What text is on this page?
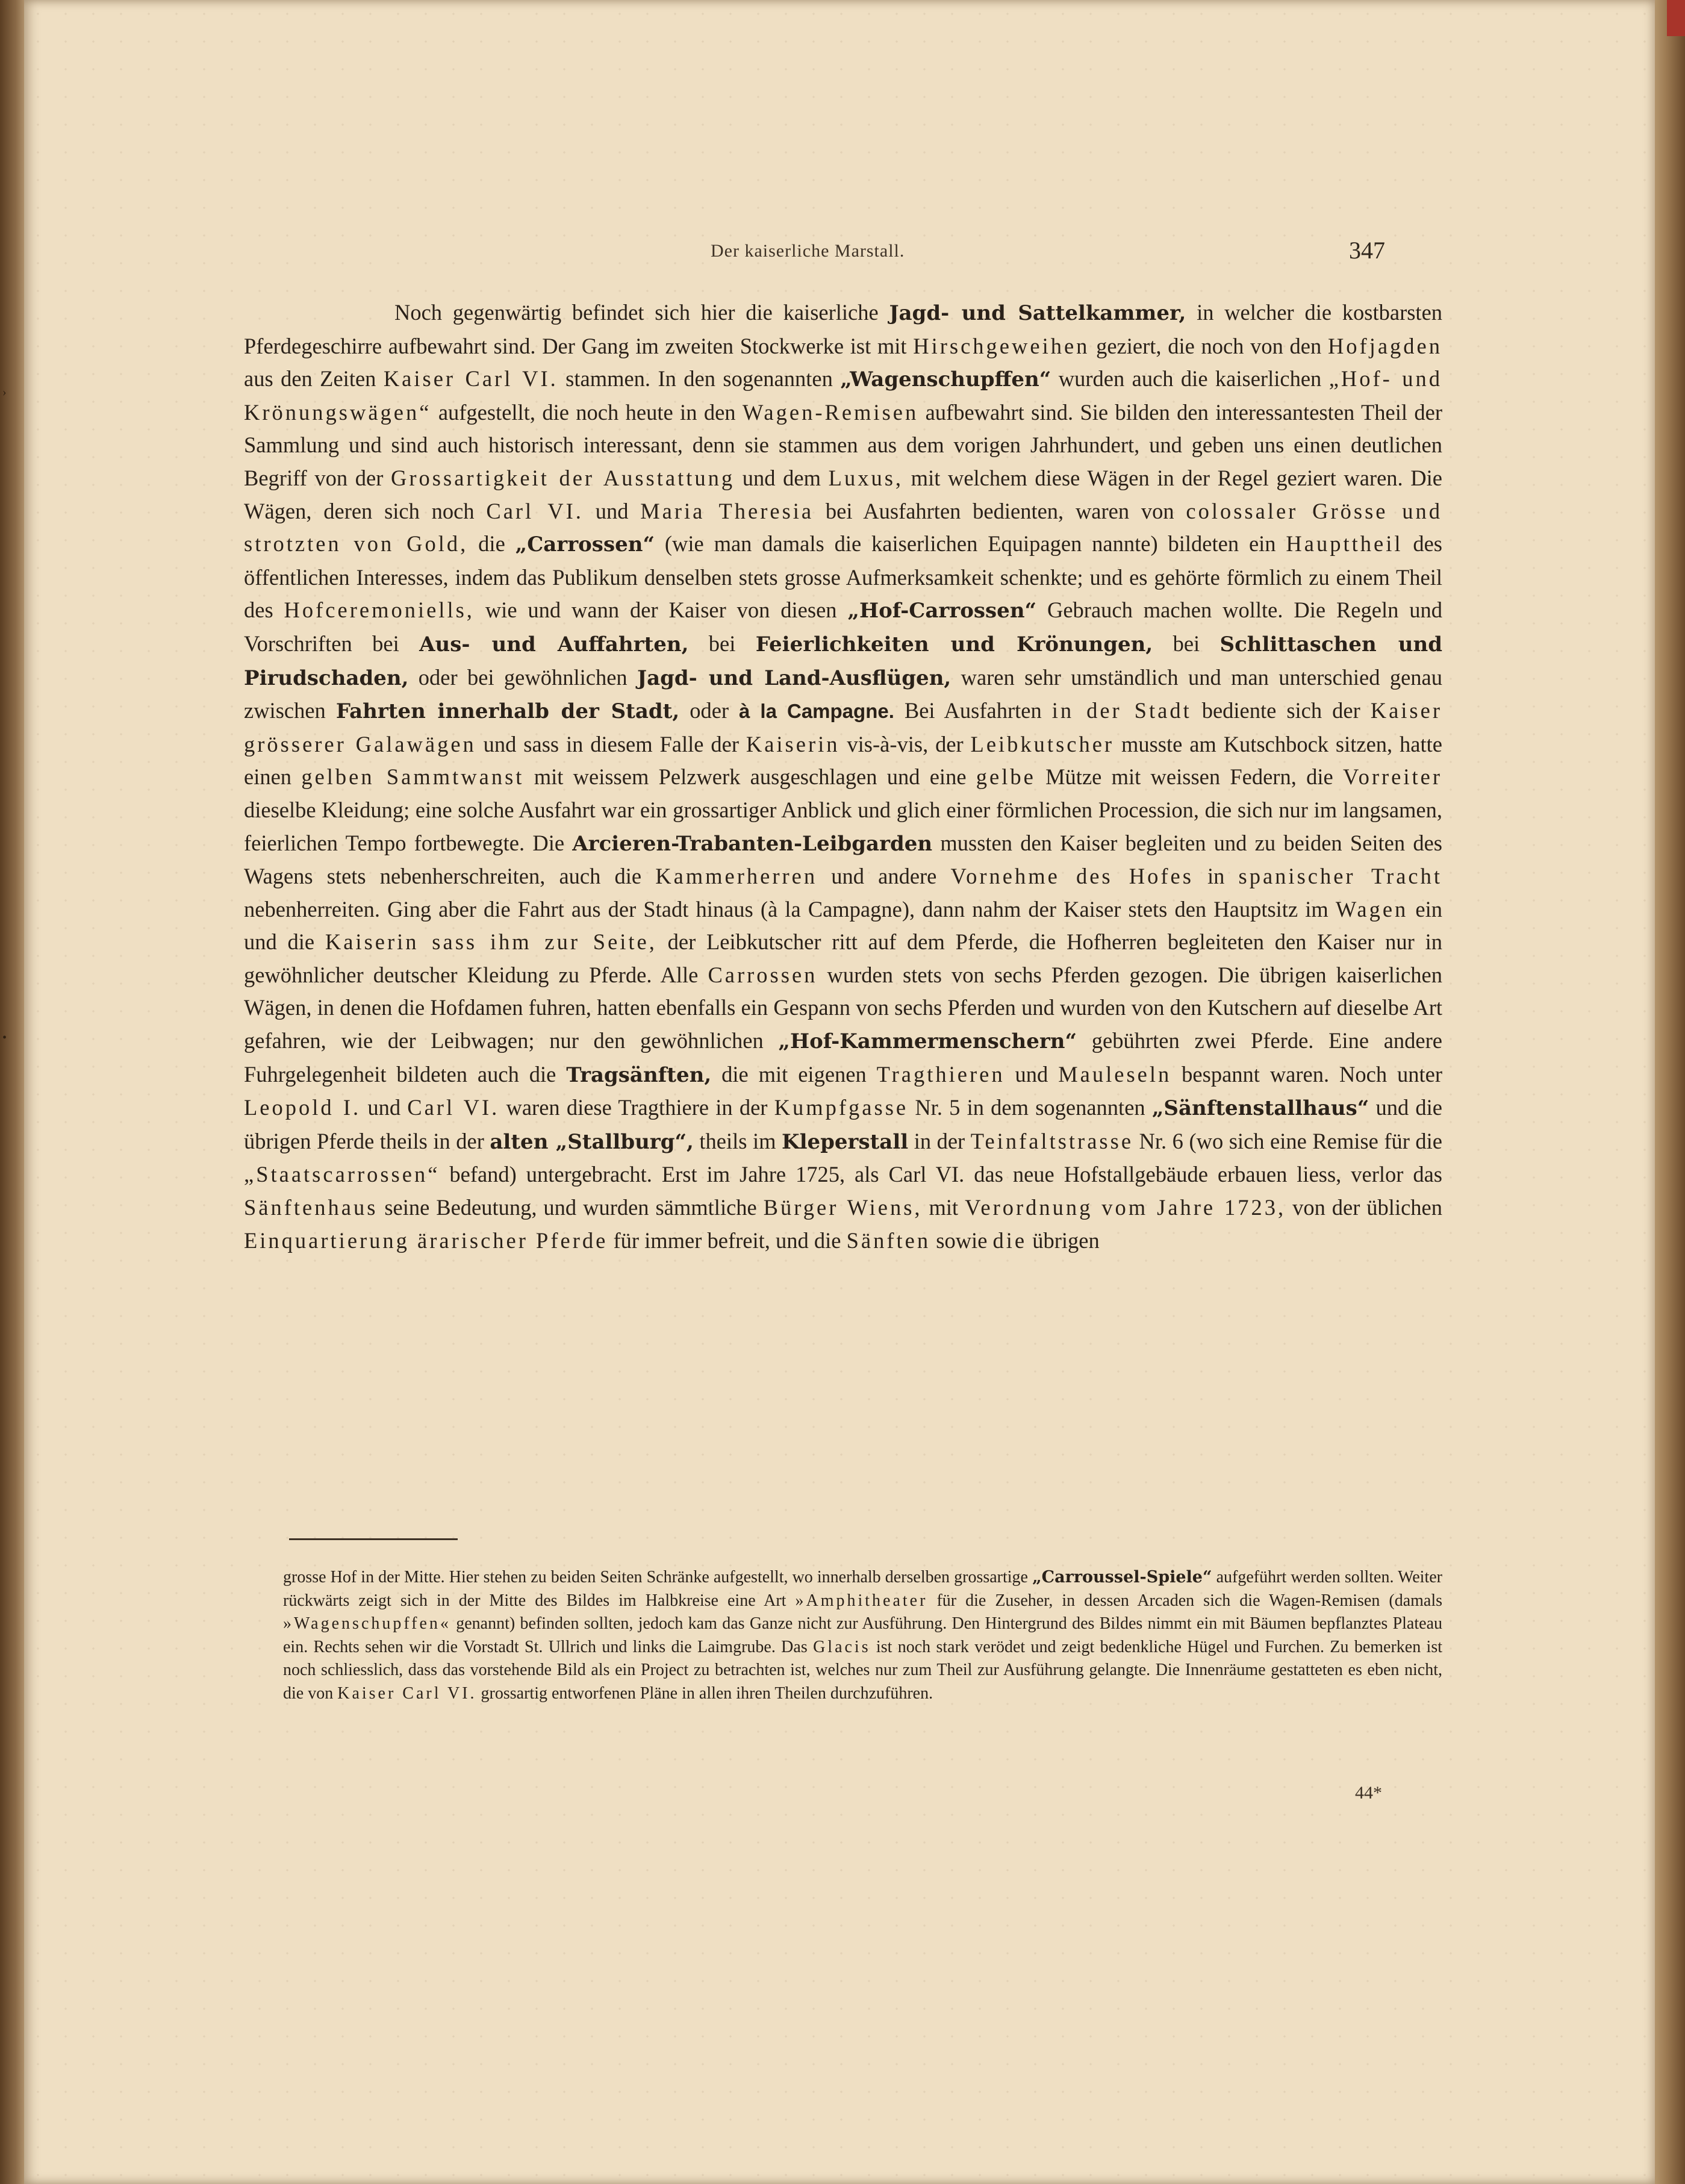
›
•
Der kaiserliche Marstall.	347

Noch gegenwärtig befindet sich hier die kaiserliche Jagd- und Sattelkammer, in welcher die kostbarsten Pferdegeschirre aufbewahrt sind. Der Gang im zweiten Stockwerke ist mit Hirschgeweihen geziert, die noch von den Hofjagden aus den Zeiten Kaiser Carl VI. stammen. In den sogenannten „Wagenschupffen“ wurden auch die kaiserlichen „Hof- und Krönungswägen“ aufgestellt, die noch heute in den Wagen-Remisen aufbewahrt sind. Sie bilden den interessantesten Theil der Sammlung und sind auch historisch interessant, denn sie stammen aus dem vorigen Jahrhundert, und geben uns einen deutlichen Begriff von der Grossartigkeit der Ausstattung und dem Luxus, mit welchem diese Wägen in der Regel geziert waren. Die Wägen, deren sich noch Carl VI. und Maria Theresia bei Ausfahrten bedienten, waren von colossaler Grösse und strotzten von Gold, die „Carrossen“ (wie man damals die kaiserlichen Equipagen nannte) bildeten ein Haupttheil des öffentlichen Interesses, indem das Publikum denselben stets grosse Aufmerksamkeit schenkte; und es gehörte förmlich zu einem Theil des Hofceremoniells, wie und wann der Kaiser von diesen „Hof-Carrossen“ Gebrauch machen wollte. Die Regeln und Vorschriften bei Aus- und Auffahrten, bei Feierlichkeiten und Krönungen, bei Schlittaschen und Pirudschaden, oder bei gewöhnlichen Jagd- und Land-Ausflügen, waren sehr umständlich und man unterschied genau zwischen Fahrten innerhalb der Stadt, oder à la Campagne. Bei Ausfahrten in der Stadt bediente sich der Kaiser grösserer Galawägen und sass in diesem Falle der Kaiserin vis-à-vis, der Leibkutscher musste am Kutschbock sitzen, hatte einen gelben Sammtwanst mit weissem Pelzwerk ausgeschlagen und eine gelbe Mütze mit weissen Federn, die Vorreiter dieselbe Kleidung; eine solche Ausfahrt war ein grossartiger Anblick und glich einer förmlichen Procession, die sich nur im langsamen, feierlichen Tempo fortbewegte. Die Arcieren-Trabanten-Leibgarden mussten den Kaiser begleiten und zu beiden Seiten des Wagens stets nebenherschreiten, auch die Kammerherren und andere Vornehme des Hofes in spanischer Tracht nebenherreiten. Ging aber die Fahrt aus der Stadt hinaus (à la Campagne), dann nahm der Kaiser stets den Hauptsitz im Wagen ein und die Kaiserin sass ihm zur Seite, der Leibkutscher ritt auf dem Pferde, die Hofherren begleiteten den Kaiser nur in gewöhnlicher deutscher Kleidung zu Pferde. Alle Carrossen wurden stets von sechs Pferden gezogen. Die übrigen kaiserlichen Wägen, in denen die Hofdamen fuhren, hatten ebenfalls ein Gespann von sechs Pferden und wurden von den Kutschern auf dieselbe Art gefahren, wie der Leibwagen; nur den gewöhnlichen „Hof-Kammermenschern“ gebührten zwei Pferde. Eine andere Fuhrgelegenheit bildeten auch die Tragsänften, die mit eigenen Tragthieren und Mauleseln bespannt waren. Noch unter Leopold I. und Carl VI. waren diese Tragthiere in der Kumpfgasse Nr. 5 in dem sogenannten „Sänftenstallhaus“ und die übrigen Pferde theils in der alten „Stallburg“, theils im Kleperstall in der Teinfaltstrasse Nr. 6 (wo sich eine Remise für die „Staatscarrossen“ befand) untergebracht. Erst im Jahre 1725, als Carl VI. das neue Hofstallgebäude erbauen liess, verlor das Sänftenhaus seine Bedeutung, und wurden sämmtliche Bürger Wiens, mit Verordnung vom Jahre 1723, von der üblichen Einquartierung ärarischer Pferde für immer befreit, und die Sänften sowie die übrigen

grosse Hof in der Mitte. Hier stehen zu beiden Seiten Schränke aufgestellt, wo innerhalb derselben grossartige „Carroussel-Spiele“ aufgeführt werden sollten. Weiter rückwärts zeigt sich in der Mitte des Bildes im Halbkreise eine Art »Amphitheater für die Zuseher, in dessen Arcaden sich die Wagen-Remisen (damals »Wagenschupffen« genannt) befinden sollten, jedoch kam das Ganze nicht zur Ausführung. Den Hintergrund des Bildes nimmt ein mit Bäumen bepflanztes Plateau ein. Rechts sehen wir die Vorstadt St. Ullrich und links die Laimgrube. Das Glacis ist noch stark verödet und zeigt bedenkliche Hügel und Furchen. Zu bemerken ist noch schliesslich, dass das vorstehende Bild als ein Project zu betrachten ist, welches nur zum Theil zur Ausführung gelangte. Die Innenräume gestatteten es eben nicht, die von Kaiser Carl VI. grossartig entworfenen Pläne in allen ihren Theilen durchzuführen.
44*
